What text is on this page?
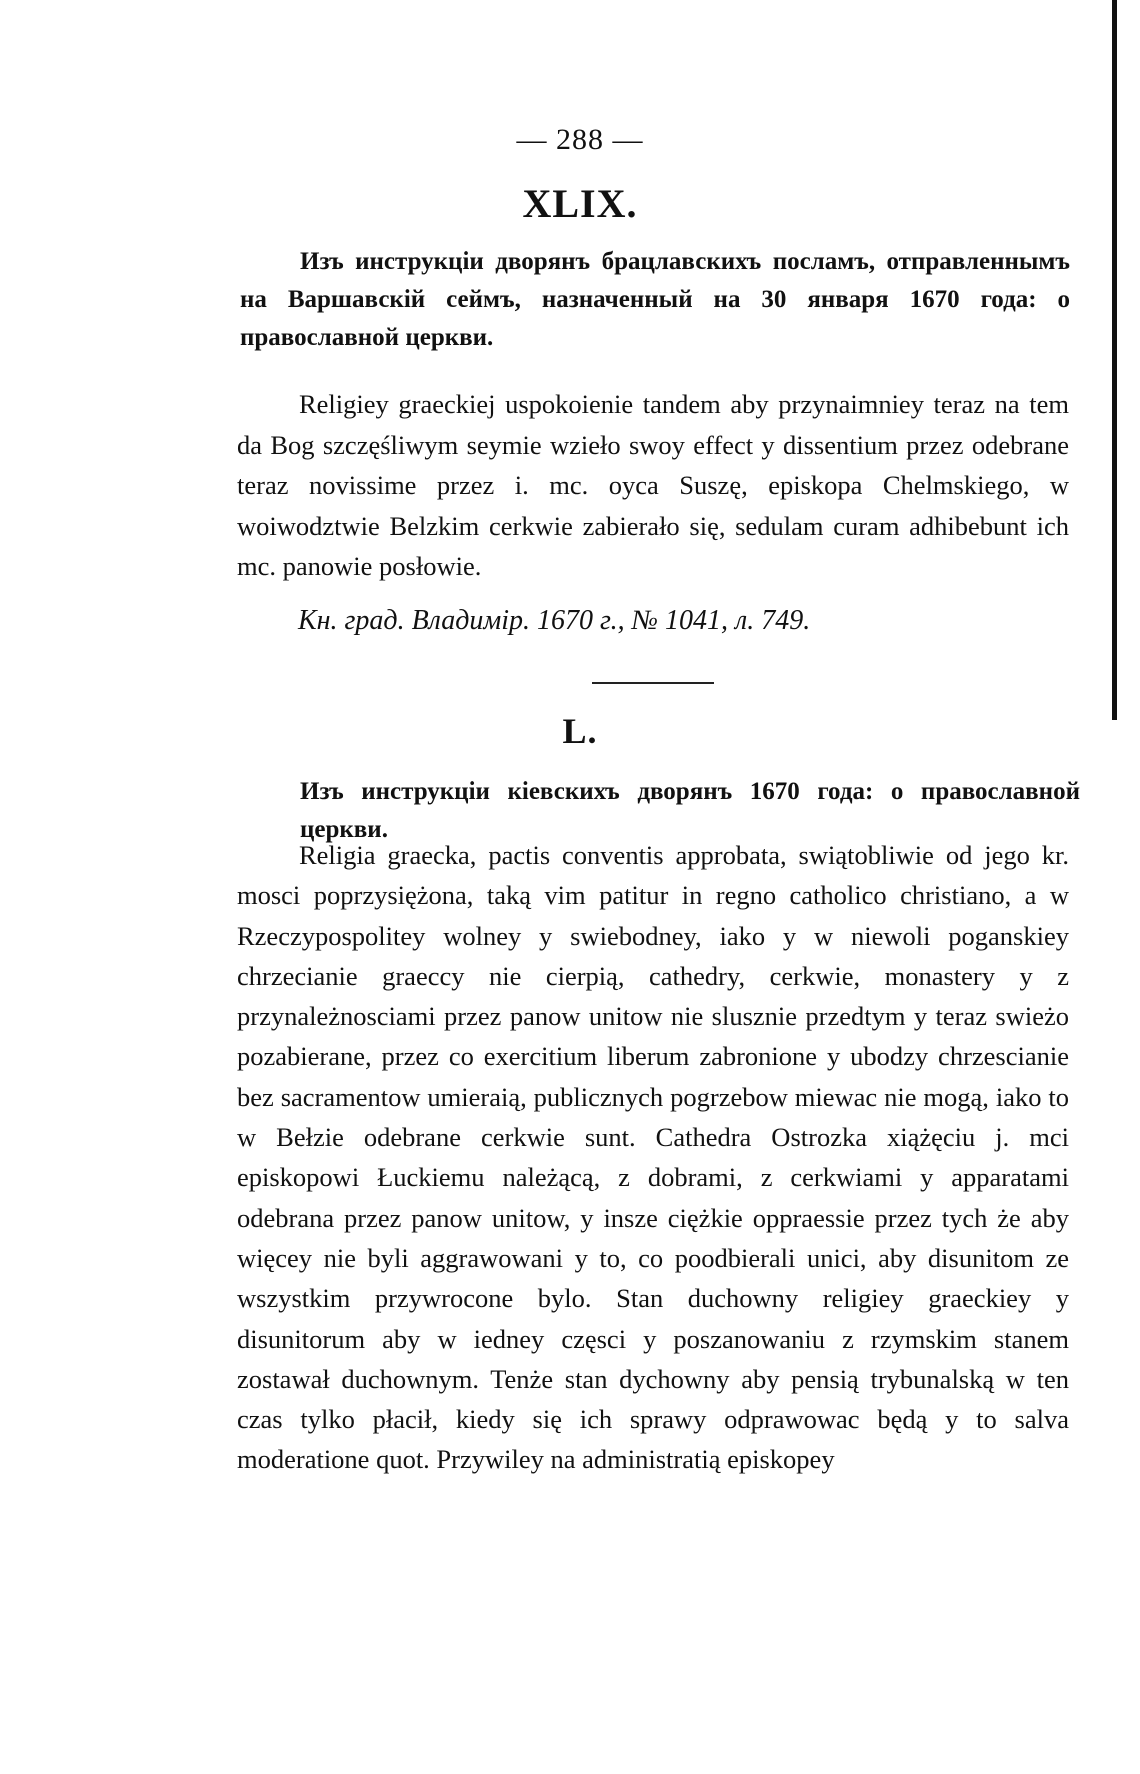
— 288 —
XLIX.
Изъ инструкціи дворянъ брацлавскихъ посламъ, отправленнымъ на Варшавскій сеймъ, назначенный на 30 января 1670 года: о православной церкви.
Religiey graeckiej uspokoienie tandem aby przynaimniey teraz na tem da Bog szczęśliwym seymie wzieło swoy effect y dissentium przez odebrane teraz novissime przez i. mc. oyca Suszę, episkopa Chelmskiego, w woiwodztwie Belzkim cerkwie zabierało się, sedulam curam adhibebunt ich mc. panowie posłowie.
Кн. град. Владимір. 1670 г., № 1041, л. 749.
L.
Изъ инструкціи кіевскихъ дворянъ 1670 года: о православной церкви.
Religia graecka, pactis conventis approbata, swiątobliwie od jego kr. mosci poprzysiężona, taką vim patitur in regno catholico christiano, a w Rzeczypospolitey wolney y swiebodney, iako y w niewoli poganskiey chrzecianie graeccy nie cierpią, cathedry, cerkwie, monastery y z przynależnosciami przez panow unitow nie slusznie przedtym y teraz swieżo pozabierane, przez co exercitium liberum zabronione y ubodzy chrzescianie bez sacramentow umieraią, publicznych pogrzebow miewac nie mogą, iako to w Bełzie odebrane cerkwie sunt. Cathedra Ostrozka xiążęciu j. mci episkopowi Łuckiemu należącą, z dobrami, z cerkwiami y apparatami odebrana przez panow unitow, y insze ciężkie oppraessie przez tych że aby więcey nie byli aggrawowani y to, co poodbierali unici, aby disunitom ze wszystkim przywrocone bylo. Stan duchowny religiey graeckiey y disunitorum aby w iedney częsci y poszanowaniu z rzymskim stanem zostawał duchownym. Tenże stan dychowny aby pensią trybunalską w ten czas tylko płacił, kiedy się ich sprawy odprawowac będą y to salva moderatione quot. Przywiley na administratią episkopey
